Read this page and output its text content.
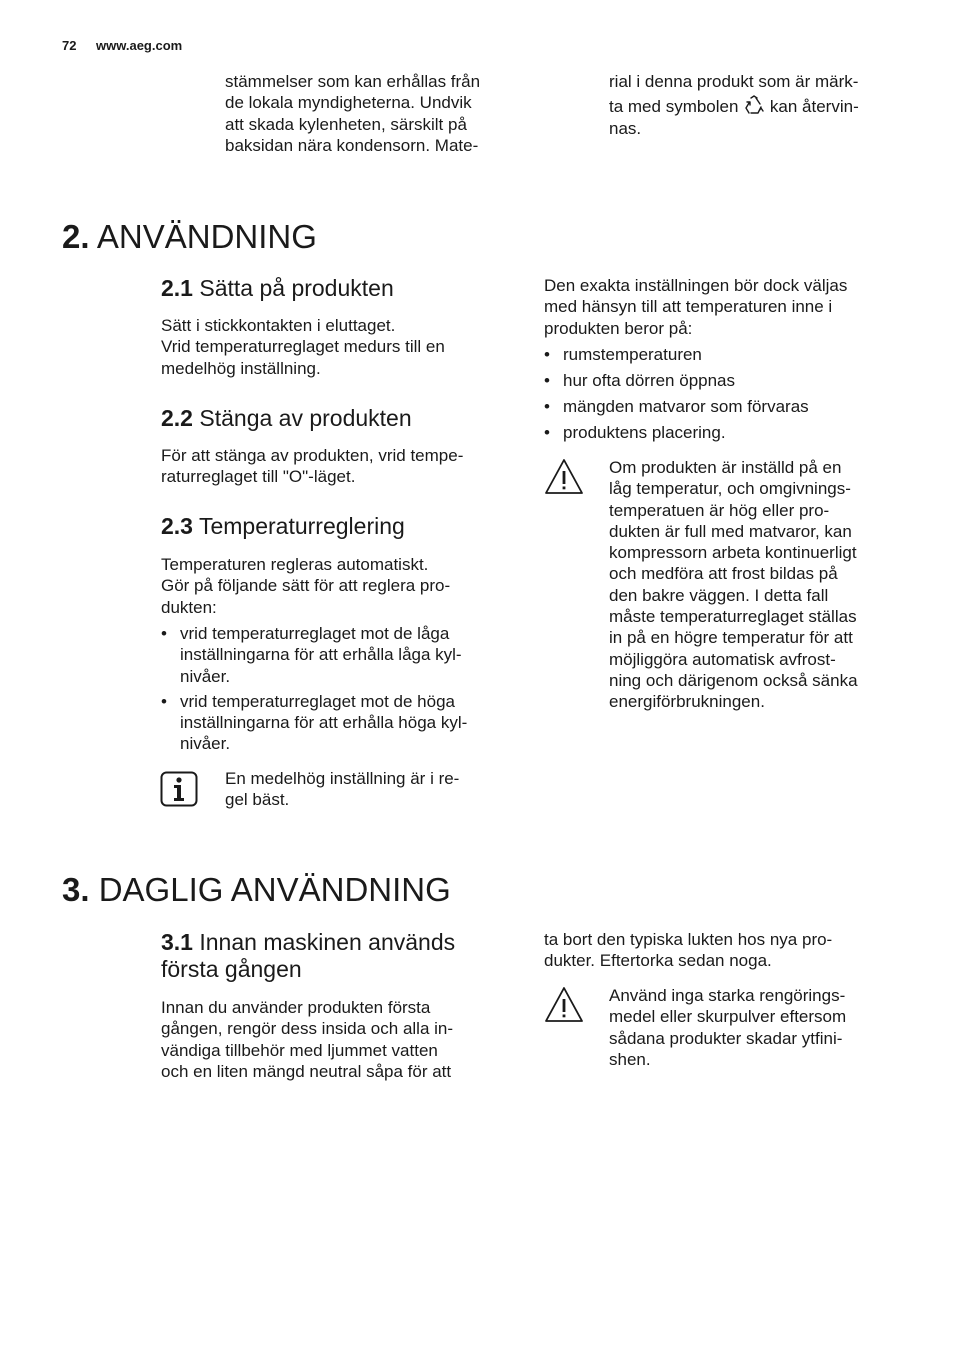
72 www.aeg.com

stämmelser som kan erhållas från

de lokala myndigheterna. Undvik

att skada kylenheten, särskilt på

baksidan nära kondensorn. Mate-

rial i denna produkt som är märk-

ta med symbolen kan återvin-

nas.

2. ANVÄNDNING
2.1 Sätta på produkten

Sätt i stickkontakten i eluttaget.

Vrid temperaturreglaget medurs till en

medelhög inställning.

2.2 Stänga av produkten

För att stänga av produkten, vrid tempe-

raturreglaget till "O"-läget.

2.3 Temperaturreglering

Temperaturen regleras automatiskt.

Gör på följande sätt för att reglera pro-

dukten:

• vrid temperaturreglaget mot de låga
inställningarna för att erhålla låga kyl-
nivåer.
• vrid temperaturreglaget mot de höga
inställningarna för att erhålla höga kyl-
nivåer.

En medelhög inställning är i re-

gel bäst.

Den exakta inställningen bör dock väljas

med hänsyn till att temperaturen inne i

produkten beror på:

• rumstemperaturen
• hur ofta dörren öppnas
• mängden matvaror som förvaras
• produktens placering.

Om produkten är inställd på en

låg temperatur, och omgivnings-

temperatuen är hög eller pro-

dukten är full med matvaror, kan

kompressorn arbeta kontinuerligt

och medföra att frost bildas på

den bakre väggen. I detta fall

måste temperaturreglaget ställas

in på en högre temperatur för att

möjliggöra automatisk avfrost-

ning och därigenom också sänka

energiförbrukningen.

3. DAGLIG ANVÄNDNING
3.1 Innan maskinen används
första gången

Innan du använder produkten första

gången, rengör dess insida och alla in-

vändiga tillbehör med ljummet vatten

och en liten mängd neutral såpa för att

ta bort den typiska lukten hos nya pro-

dukter. Eftertorka sedan noga.

Använd inga starka rengörings-

medel eller skurpulver eftersom

sådana produkter skadar ytfini-

shen.
